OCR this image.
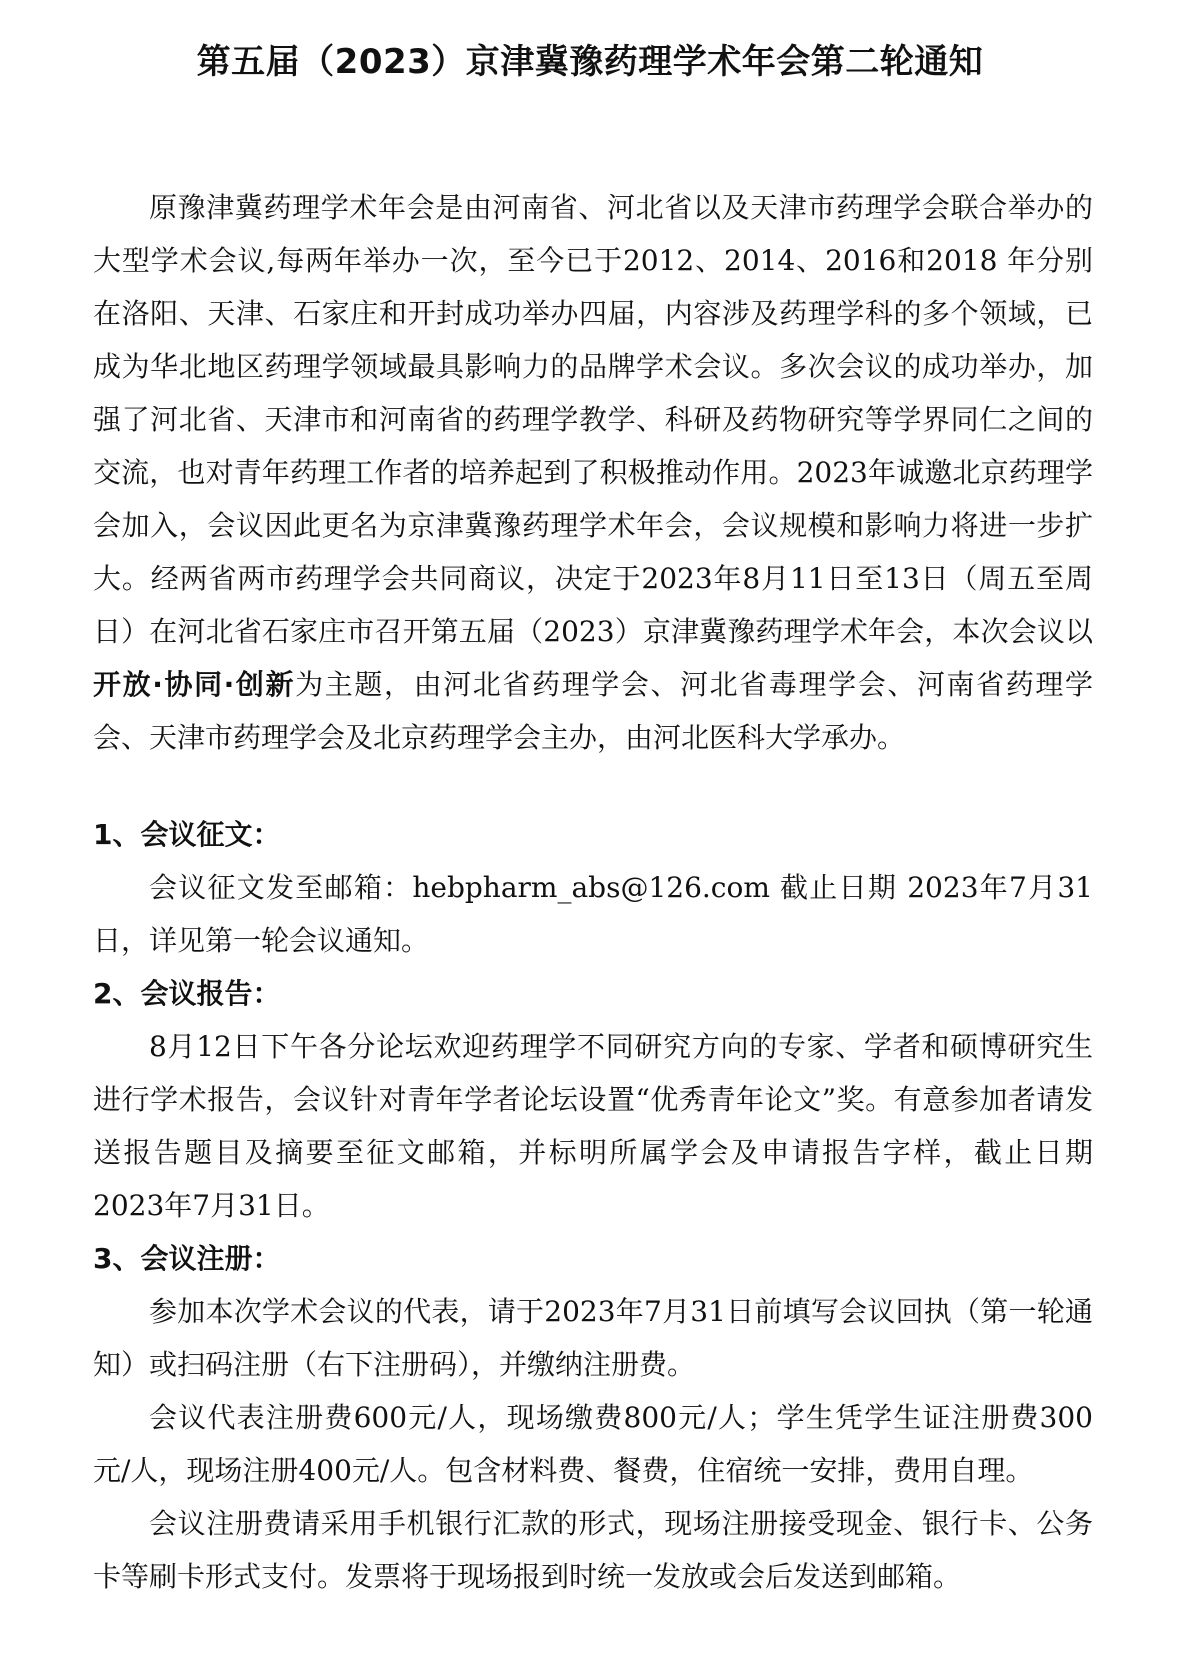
第五届（2023）京津冀豫药理学术年会第二轮通知

原豫津冀药理学术年会是由河南省、河北省以及天津市药理学会联合举办的大型学术会议,每两年举办一次，至今已于2012、2014、2016和2018 年分别在洛阳、天津、石家庄和开封成功举办四届，内容涉及药理学科的多个领域，已成为华北地区药理学领域最具影响力的品牌学术会议。多次会议的成功举办，加强了河北省、天津市和河南省的药理学教学、科研及药物研究等学界同仁之间的交流，也对青年药理工作者的培养起到了积极推动作用。2023年诚邀北京药理学会加入，会议因此更名为京津冀豫药理学术年会，会议规模和影响力将进一步扩大。经两省两市药理学会共同商议，决定于2023年8月11日至13日（周五至周日）在河北省石家庄市召开第五届（2023）京津冀豫药理学术年会，本次会议以开放·协同·创新为主题，由河北省药理学会、河北省毒理学会、河南省药理学会、天津市药理学会及北京药理学会主办，由河北医科大学承办。

1、会议征文：

会议征文发至邮箱：hebpharm_abs@126.com 截止日期 2023年7月31日，详见第一轮会议通知。

2、会议报告：

8月12日下午各分论坛欢迎药理学不同研究方向的专家、学者和硕博研究生进行学术报告，会议针对青年学者论坛设置“优秀青年论文”奖。有意参加者请发送报告题目及摘要至征文邮箱，并标明所属学会及申请报告字样，截止日期 2023年7月31日。

3、会议注册：

参加本次学术会议的代表，请于2023年7月31日前填写会议回执（第一轮通知）或扫码注册（右下注册码），并缴纳注册费。

会议代表注册费600元/人，现场缴费800元/人；学生凭学生证注册费300元/人，现场注册400元/人。包含材料费、餐费，住宿统一安排，费用自理。

会议注册费请采用手机银行汇款的形式，现场注册接受现金、银行卡、公务卡等刷卡形式支付。发票将于现场报到时统一发放或会后发送到邮箱。
